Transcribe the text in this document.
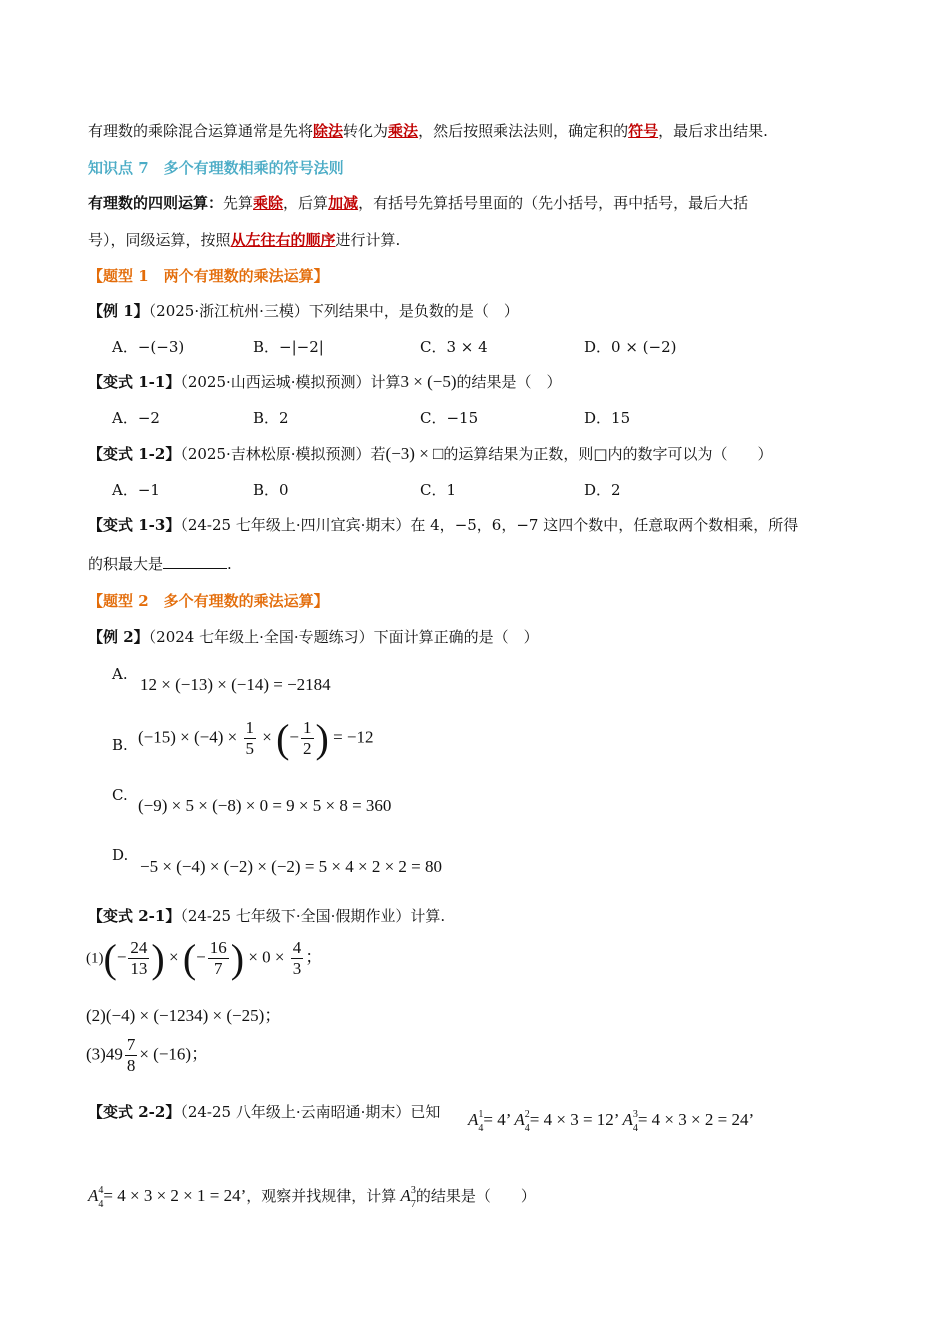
有理数的乘除混合运算通常是先将除法转化为乘法，然后按照乘法法则，确定积的符号，最后求出结果.
知识点 7　多个有理数相乘的符号法则
有理数的四则运算：先算乘除，后算加减，有括号先算括号里面的（先小括号，再中括号，最后大括
号），同级运算，按照从左往右的顺序进行计算.
【题型 1　两个有理数的乘法运算】
【例 1】（2025·浙江杭州·三模）下列结果中，是负数的是（　）
A．−(−3)	B．−|−2|	C．3 × 4	D．0 × (−2)
【变式 1-1】（2025·山西运城·模拟预测）计算3 × (−5)的结果是（　）
A．−2	B．2	C．−15	D．15
【变式 1-2】（2025·吉林松原·模拟预测）若(−3) × □的运算结果为正数，则□内的数字可以为（　　）
A．−1	B．0	C．1	D．2
【变式 1-3】（24-25 七年级上·四川宜宾·期末）在 4，−5，6，−7 这四个数中，任意取两个数相乘，所得
的积最大是	.
【题型 2　多个有理数的乘法运算】
【例 2】（2024 七年级上·全国·专题练习）下面计算正确的是（　）
A.
12 × (−13) × (−14) = −2184
B. $(-15) \times (-4) \times \frac{1}{5}$ × (− $\frac{1}{2}$ ) = −12
C.
(−9) × 5 × (−8) × 0 = 9 × 5 × 8 = 360
D.
−5 × (−4) × (−2) × (−2) = 5 × 4 × 2 × 2 = 80
【变式 2-1】（24-25 七年级下·全国·假期作业）计算.
$(1)(- \frac{24}{13}$ ) × (− $\frac{16}{7}$ ) × $0 \times \frac{4}{3}$ ；
(2)(−4) × (−1234) × (−25)；
$(3)49 \frac{7}{8} \times (-16)$；
【变式 2-2】（24-25 八年级上·云南昭通·期末）已知 $A^1_4= 4$’ $A^2_4= 4 \times 3 = 12$’ $A^3_4= 4 \times 3 \times 2 = 24$’
$A^4_4= 4 \times 3 \times 2 \times 1 = 24$’，观察并找规律，计算 $A^3_7$的结果是（　　）
